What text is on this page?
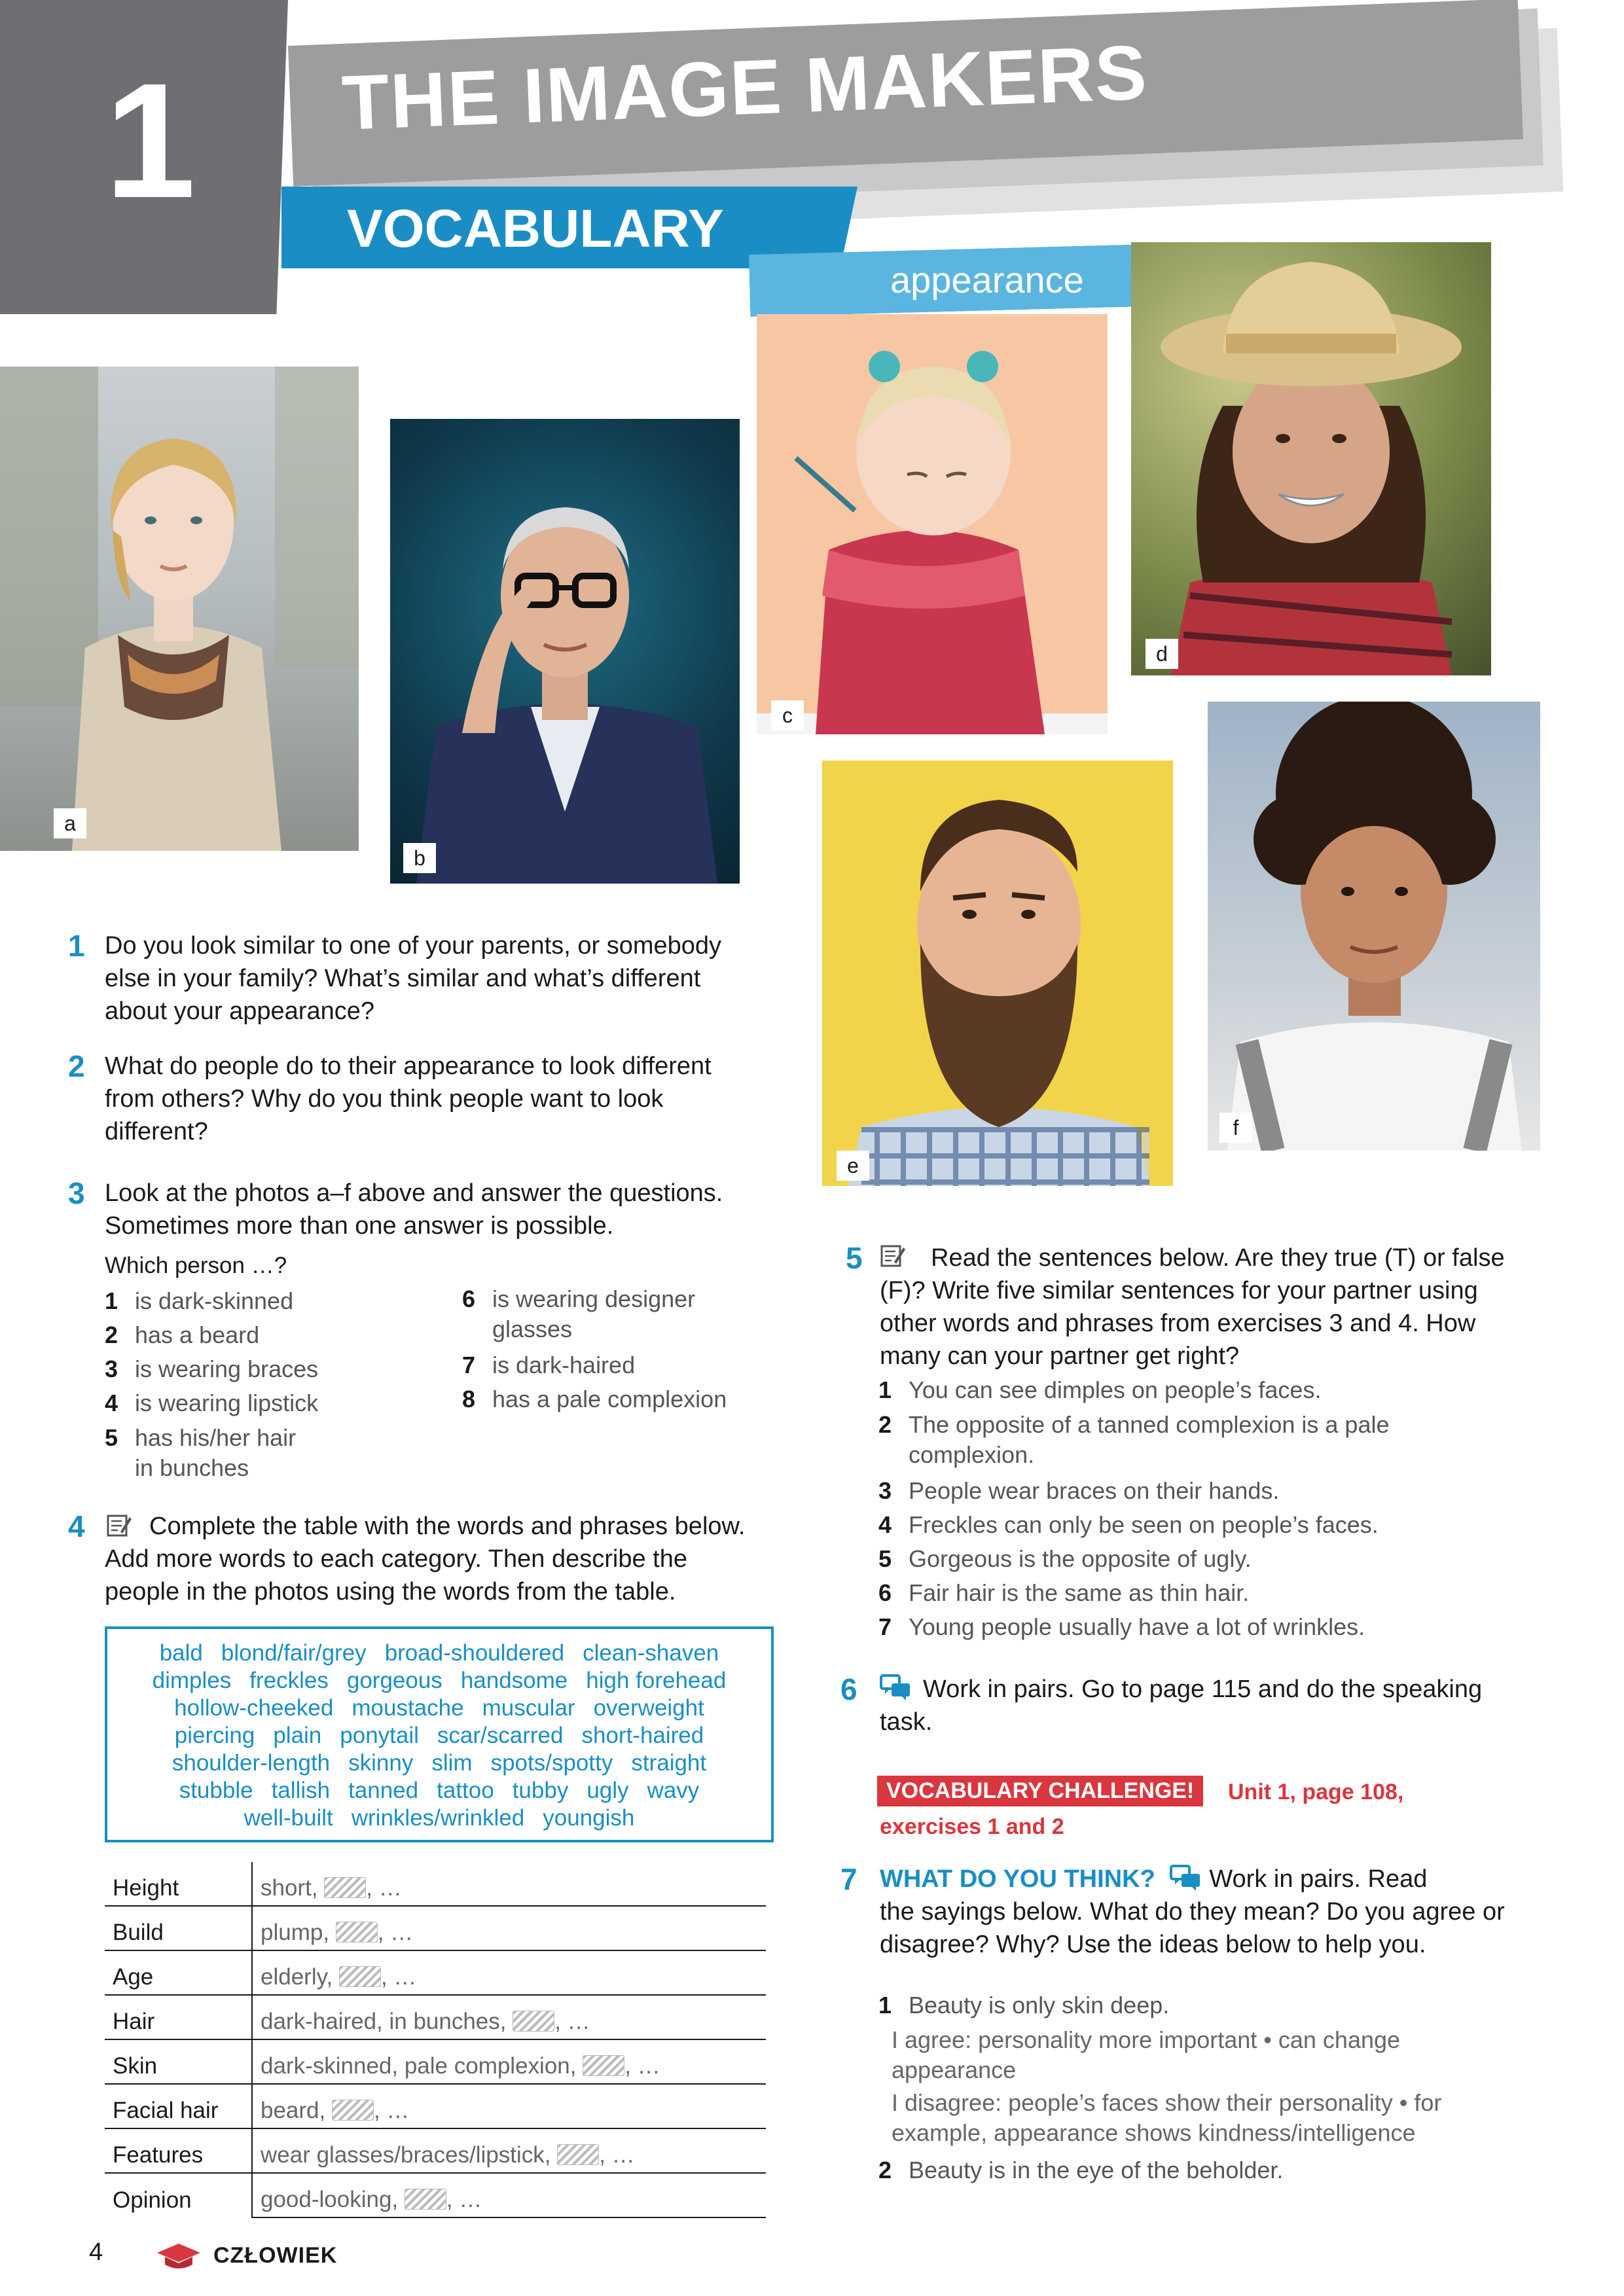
1 THE IMAGE MAKERS
VOCABULARY
appearance
a
b
c
d
e
f
1 Do you look similar to one of your parents, or somebody else in your family? What’s similar and what’s different about your appearance?
2 What do people do to their appearance to look different from others? Why do you think people want to look different?
3 Look at the photos a–f above and answer the questions. Sometimes more than one answer is possible.
Which person …?
1 is dark-skinned
2 has a beard
3 is wearing braces
4 is wearing lipstick
5 has his/her hair in bunches
6 is wearing designer glasses
7 is dark-haired
8 has a pale complexion
4	Complete the table with the words and phrases below. Add more words to each category. Then describe the people in the photos using the words from the table.
bald blond/fair/grey broad-shouldered clean-shaven
dimples freckles gorgeous handsome high forehead
hollow-cheeked moustache muscular overweight
piercing plain ponytail scar/scarred short-haired
shoulder-length skinny slim spots/spotty straight
stubble tallish tanned tattoo tubby ugly wavy
well-built wrinkles/wrinkled youngish
Height	short, , …
Build	plump, , …
Age	elderly, , …
Hair	dark-haired, in bunches, , …
Skin	dark-skinned, pale complexion, , …
Facial hair	beard, , …
Features	wear glasses/braces/lipstick, , …
Opinion	good-looking, , …
5	Read the sentences below. Are they true (T) or false (F)? Write five similar sentences for your partner using other words and phrases from exercises 3 and 4. How many can your partner get right?
1 You can see dimples on people’s faces.
2 The opposite of a tanned complexion is a pale complexion.
3 People wear braces on their hands.
4 Freckles can only be seen on people’s faces.
5 Gorgeous is the opposite of ugly.
6 Fair hair is the same as thin hair.
7 Young people usually have a lot of wrinkles.
6	Work in pairs. Go to page 115 and do the speaking task.
VOCABULARY CHALLENGE!	Unit 1, page 108,
exercises 1 and 2
7 WHAT DO YOU THINK? Work in pairs. Read
the sayings below. What do they mean? Do you agree or disagree? Why? Use the ideas below to help you.
1 Beauty is only skin deep.
I agree: personality more important • can change appearance
I disagree: people’s faces show their personality • for example, appearance shows kindness/intelligence
2 Beauty is in the eye of the beholder.
4	CZŁOWIEK
